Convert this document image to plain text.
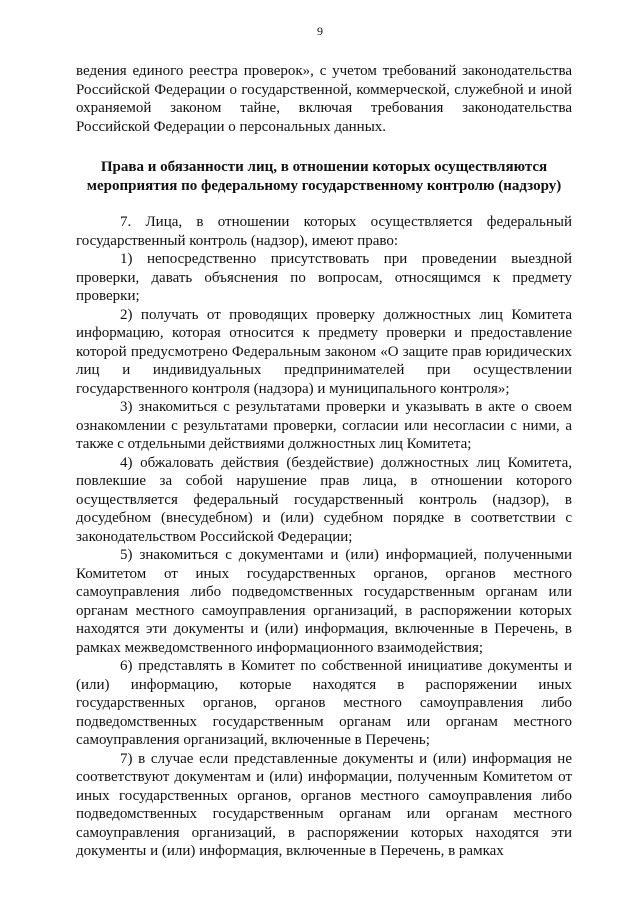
9

ведения единого реестра проверок», с учетом требований законодательства Российской Федерации о государственной, коммерческой, служебной и иной охраняемой законом тайне, включая требования законодательства Российской Федерации о персональных данных.

Права и обязанности лиц, в отношении которых осуществляются мероприятия по федеральному государственному контролю (надзору)

7. Лица, в отношении которых осуществляется федеральный государственный контроль (надзор), имеют право:

1) непосредственно присутствовать при проведении выездной проверки, давать объяснения по вопросам, относящимся к предмету проверки;

2) получать от проводящих проверку должностных лиц Комитета информацию, которая относится к предмету проверки и предоставление которой предусмотрено Федеральным законом «О защите прав юридических лиц и индивидуальных предпринимателей при осуществлении государственного контроля (надзора) и муниципального контроля»;

3) знакомиться с результатами проверки и указывать в акте о своем ознакомлении с результатами проверки, согласии или несогласии с ними, а также с отдельными действиями должностных лиц Комитета;

4) обжаловать действия (бездействие) должностных лиц Комитета, повлекшие за собой нарушение прав лица, в отношении которого осуществляется федеральный государственный контроль (надзор), в досудебном (внесудебном) и (или) судебном порядке в соответствии с законодательством Российской Федерации;

5) знакомиться с документами и (или) информацией, полученными Комитетом от иных государственных органов, органов местного самоуправления либо подведомственных государственным органам или органам местного самоуправления организаций, в распоряжении которых находятся эти документы и (или) информация, включенные в Перечень, в рамках межведомственного информационного взаимодействия;

6) представлять в Комитет по собственной инициативе документы и (или) информацию, которые находятся в распоряжении иных государственных органов, органов местного самоуправления либо подведомственных государственным органам или органам местного самоуправления организаций, включенные в Перечень;

7) в случае если представленные документы и (или) информация не соответствуют документам и (или) информации, полученным Комитетом от иных государственных органов, органов местного самоуправления либо подведомственных государственным органам или органам местного самоуправления организаций, в распоряжении которых находятся эти документы и (или) информация, включенные в Перечень, в рамках
